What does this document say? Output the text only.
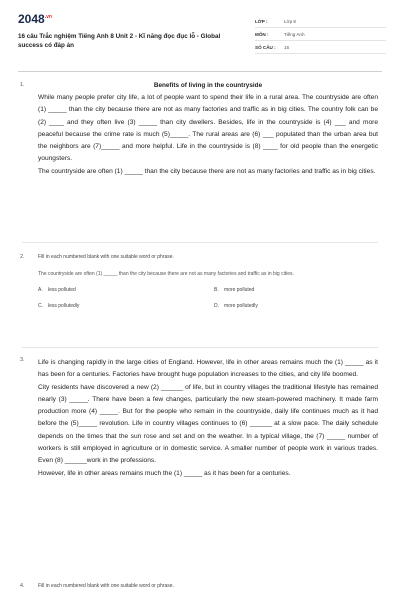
$2048^{.vn}$
16 câu Trắc nghiệm Tiếng Anh 8 Unit 2 - Kĩ năng đọc đục lỗ - Global success có đáp án
LỚP :	Lớp 8
MÔN :	Tiếng Anh
SỐ CÂU :	16
1.	Benefits of living in the countryside

While many people prefer city life, a lot of people want to spend their life in a rural area. The countryside are often (1) _____ than the city because there are not as many factories and traffic as in big cities. The country folk can be (2) ____ and they often live (3) _____ than city dwellers. Besides, life in the countryside is (4) ___ and more peaceful because the crime rate is much (5)_____. The rural areas are (6) ___ populated than the urban area but the neighbors are (7)_____ and more helpful. Life in the countryside is (8) ____ for old people than the energetic youngsters.

The countryside are often (1) _____ than the city because there are not as many factories and traffic as in big cities.

2.	Fill in each numbered blank with one suitable word or phrase.
The countryside are often (1) _____ than the city because there are not as many factories and traffic as in big cities.
A. less polluted	B. more polluted
C. less pollutedly	D. more pollutedly
3. Life is changing rapidly in the large cities of England. However, life in other areas remains much the (1) _____ as it has been for a centuries. Factories have brought huge population increases to the cities, and city life boomed.

City residents have discovered a new (2) ______ of life, but in country villages the traditional lifestyle has remained nearly (3) _____. There have been a few changes, particularly the new steam-powered machinery. It made farm production more (4) _____. But for the people who remain in the countryside, daily life continues much as it had before the (5)_____ revolution. Life in country villages continues to (6) ______ at a slow pace. The daily schedule depends on the times that the sun rose and set and on the weather. In a typical village, the (7) _____ number of workers is still employed in agriculture or in domestic service. A smaller number of people work in various trades. Even (8) ______work in the professions.

However, life in other areas remains much the (1) _____ as it has been for a centuries.

4.	Fill in each numbered blank with one suitable word or phrase.
